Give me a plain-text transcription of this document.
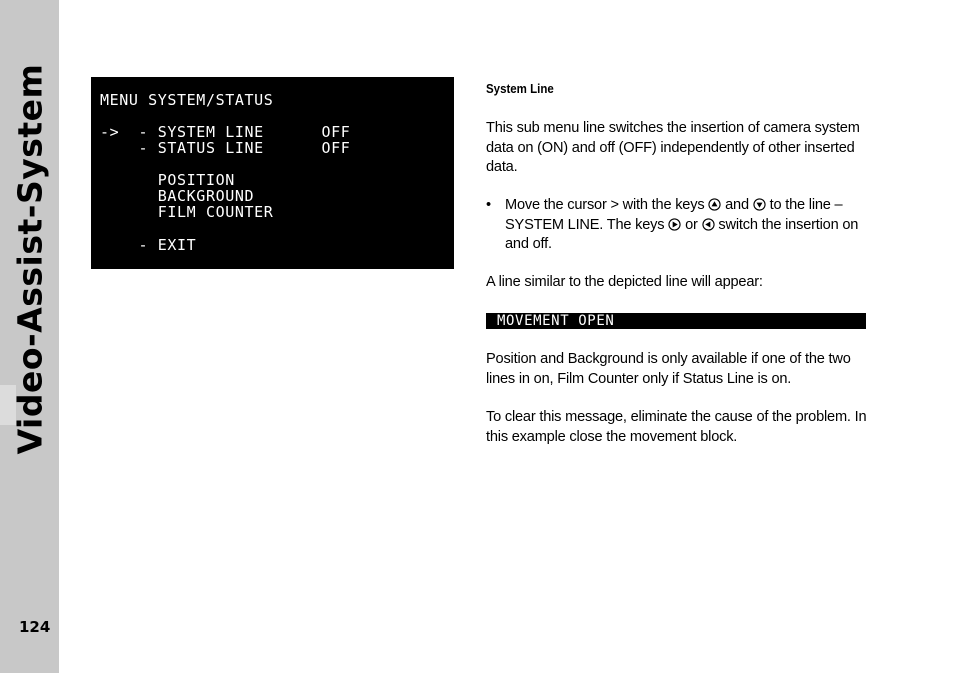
Video-Assist-System
124
MENU SYSTEM/STATUS
->  - SYSTEM LINE      OFF
- STATUS LINE      OFF
POSITION
BACKGROUND
FILM COUNTER
- EXIT
System Line
This sub menu line switches the insertion of camera system data on (ON) and off (OFF) independently of other inserted data.
• Move the cursor > with the keys and to the line – SYSTEM LINE. The keys or switch the insertion on and off.
A line similar to the depicted line will appear:
MOVEMENT OPEN
Position and Background is only available if one of the two lines in on, Film Counter only if Status Line is on.
To clear this message, eliminate the cause of the problem. In this example close the movement block.
